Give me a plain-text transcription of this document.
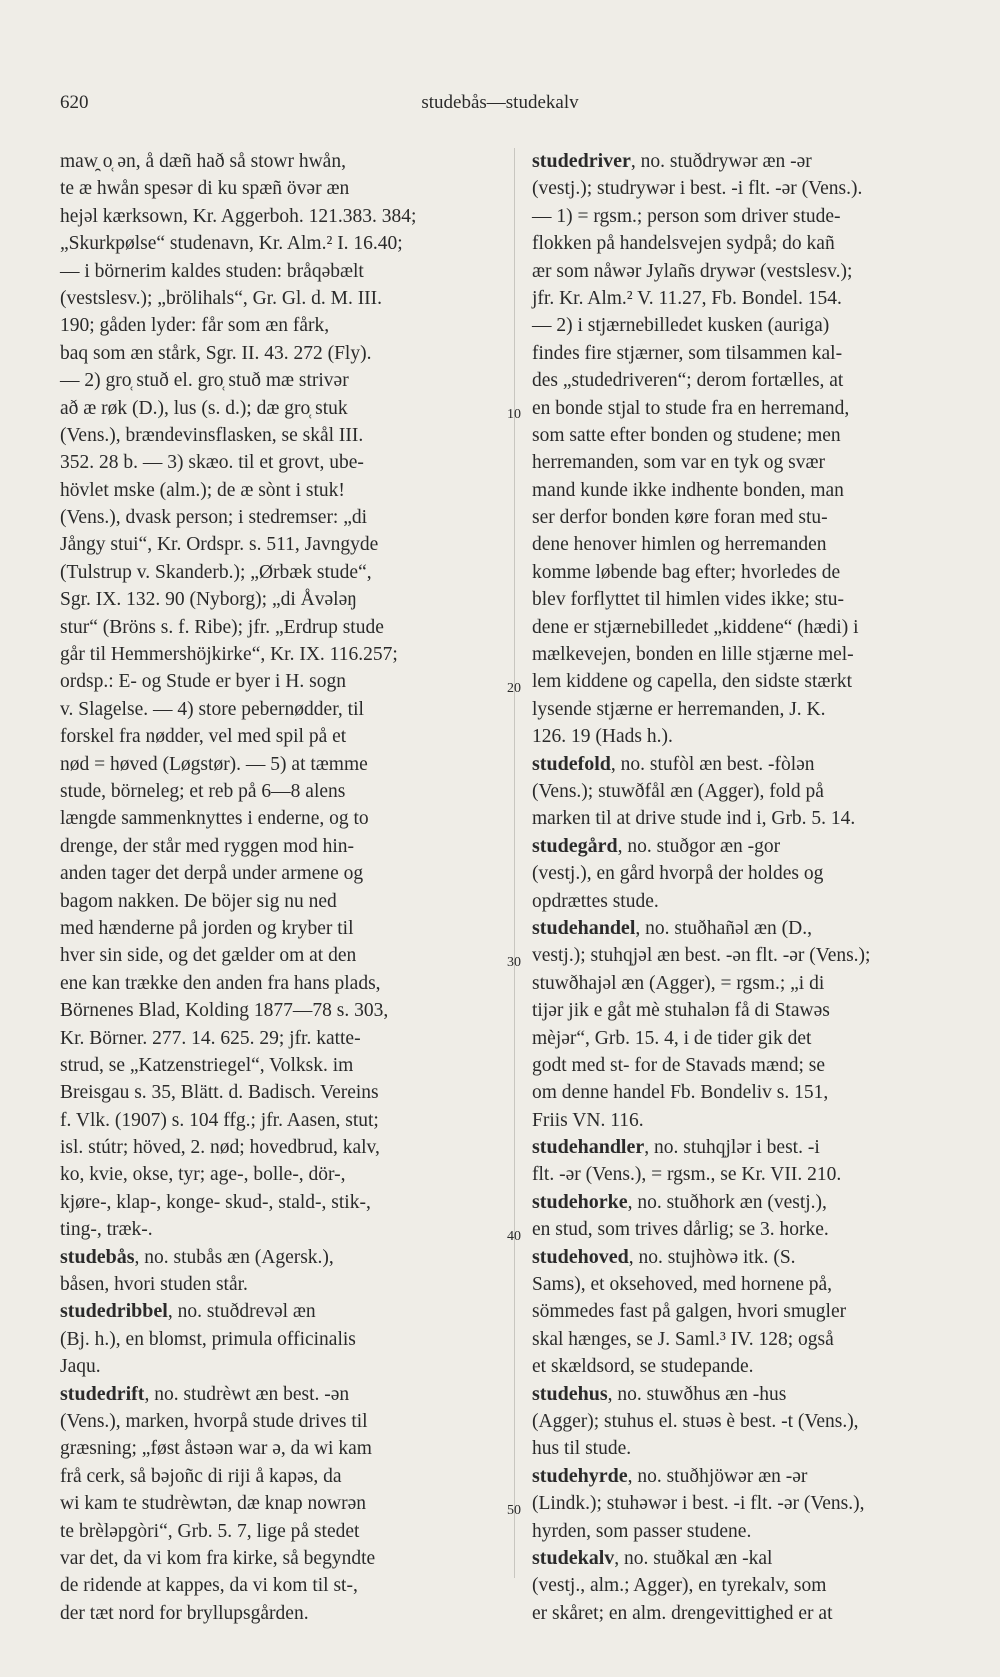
620	studebås—studekalv

maw̯ o̜ ən, å dæñ hað så stowr hwån,

te æ hwån spesər di ku spæñ övər æn

hejəl kærksown, Kr. Aggerboh. 121.383. 384;

„Skurkpølse“ studenavn, Kr. Alm.² I. 16.40;

— i börnerim kaldes studen: bråqəbælt

(vestslesv.); „brölihals“, Gr. Gl. d. M. III.

190; gåden lyder: får som æn fårk,

baq som æn stårk, Sgr. II. 43. 272 (Fly).

— 2) gro̜ stuð el. gro̜ stuð mæ strivər

að æ røk (D.), lus (s. d.); dæ gro̜ stuk

(Vens.), brændevinsflasken, se skål III.

352. 28 b. — 3) skæo. til et grovt, ube-

hövlet mske (alm.); de æ sònt i stuk!

(Vens.), dvask person; i stedremser: „di

Jångy stui“, Kr. Ordspr. s. 511, Javngyde

(Tulstrup v. Skanderb.); „Ørbæk stude“,

Sgr. IX. 132. 90 (Nyborg); „di Åvələŋ

stur“ (Bröns s. f. Ribe); jfr. „Erdrup stude

går til Hemmershöjkirke“, Kr. IX. 116.257;

ordsp.: E- og Stude er byer i H. sogn

v. Slagelse. — 4) store pebernødder, til

forskel fra nødder, vel med spil på et

nød = høved (Løgstør). — 5) at tæmme

stude, börneleg; et reb på 6—8 alens

længde sammenknyttes i enderne, og to

drenge, der står med ryggen mod hin-

anden tager det derpå under armene og

bagom nakken. De böjer sig nu ned

med hænderne på jorden og kryber til

hver sin side, og det gælder om at den

ene kan trække den anden fra hans plads,

Börnenes Blad, Kolding 1877—78 s. 303,

Kr. Börner. 277. 14. 625. 29; jfr. katte-

strud, se „Katzenstriegel“, Volksk. im

Breisgau s. 35, Blätt. d. Badisch. Vereins

f. Vlk. (1907) s. 104 ffg.; jfr. Aasen, stut;

isl. stútr; höved, 2. nød; hovedbrud, kalv,

ko, kvie, okse, tyr; age-, bolle-, dör-,

kjøre-, klap-, konge- skud-, stald-, stik-,

ting-, træk-.

studebås, no. stubås æn (Agersk.),

båsen, hvori studen står.

studedribbel, no. stuðdrevəl æn

(Bj. h.), en blomst, primula officinalis

Jaqu.

studedrift, no. studrèwt æn best. -ən

(Vens.), marken, hvorpå stude drives til

græsning; „føst åstəən war ə, da wi kam

frå cerk, så bəjoñc di riji å kapəs, da

wi kam te studrèwtən, dæ knap nowrən

te brèləpgòri“, Grb. 5. 7, lige på stedet

var det, da vi kom fra kirke, så begyndte

de ridende at kappes, da vi kom til st-,

der tæt nord for bryllupsgården.

10
20
30
40
50

studedriver, no. stuðdrywər æn -ər

(vestj.); studrywər i best. -i flt. -ər (Vens.).

— 1) = rgsm.; person som driver stude-

flokken på handelsvejen sydpå; do kañ

ær som nåwər Jylañs drywər (vestslesv.);

jfr. Kr. Alm.² V. 11.27, Fb. Bondel. 154.

— 2) i stjærnebilledet kusken (auriga)

findes fire stjærner, som tilsammen kal-

des „studedriveren“; derom fortælles, at

en bonde stjal to stude fra en herremand,

som satte efter bonden og studene; men

herremanden, som var en tyk og svær

mand kunde ikke indhente bonden, man

ser derfor bonden køre foran med stu-

dene henover himlen og herremanden

komme løbende bag efter; hvorledes de

blev forflyttet til himlen vides ikke; stu-

dene er stjærnebilledet „kiddene“ (hædi) i

mælkevejen, bonden en lille stjærne mel-

lem kiddene og capella, den sidste stærkt

lysende stjærne er herremanden, J. K.

126. 19 (Hads h.).

studefold, no. stufòl æn best. -fòlən

(Vens.); stuwðfål æn (Agger), fold på

marken til at drive stude ind i, Grb. 5. 14.

studegård, no. stuðgor æn -gor

(vestj.), en gård hvorpå der holdes og

opdrættes stude.

studehandel, no. stuðhañəl æn (D.,

vestj.); stuhqjəl æn best. -ən flt. -ər (Vens.);

stuwðhajəl æn (Agger), = rgsm.; „i di

tijər jik e gåt mè stuhalən få di Stawəs

mèjər“, Grb. 15. 4, i de tider gik det

godt med st- for de Stavads mænd; se

om denne handel Fb. Bondeliv s. 151,

Friis VN. 116.

studehandler, no. stuhqjlər i best. -i

flt. -ər (Vens.), = rgsm., se Kr. VII. 210.

studehorke, no. stuðhork æn (vestj.),

en stud, som trives dårlig; se 3. horke.

studehoved, no. stujhòwə itk. (S.

Sams), et oksehoved, med hornene på,

sömmedes fast på galgen, hvori smugler

skal hænges, se J. Saml.³ IV. 128; også

et skældsord, se studepande.

studehus, no. stuwðhus æn -hus

(Agger); stuhus el. stuəs è best. -t (Vens.),

hus til stude.

studehyrde, no. stuðhjöwər æn -ər

(Lindk.); stuhəwər i best. -i flt. -ər (Vens.),

hyrden, som passer studene.

studekalv, no. stuðkal æn -kal

(vestj., alm.; Agger), en tyrekalv, som

er skåret; en alm. drengevittighed er at
